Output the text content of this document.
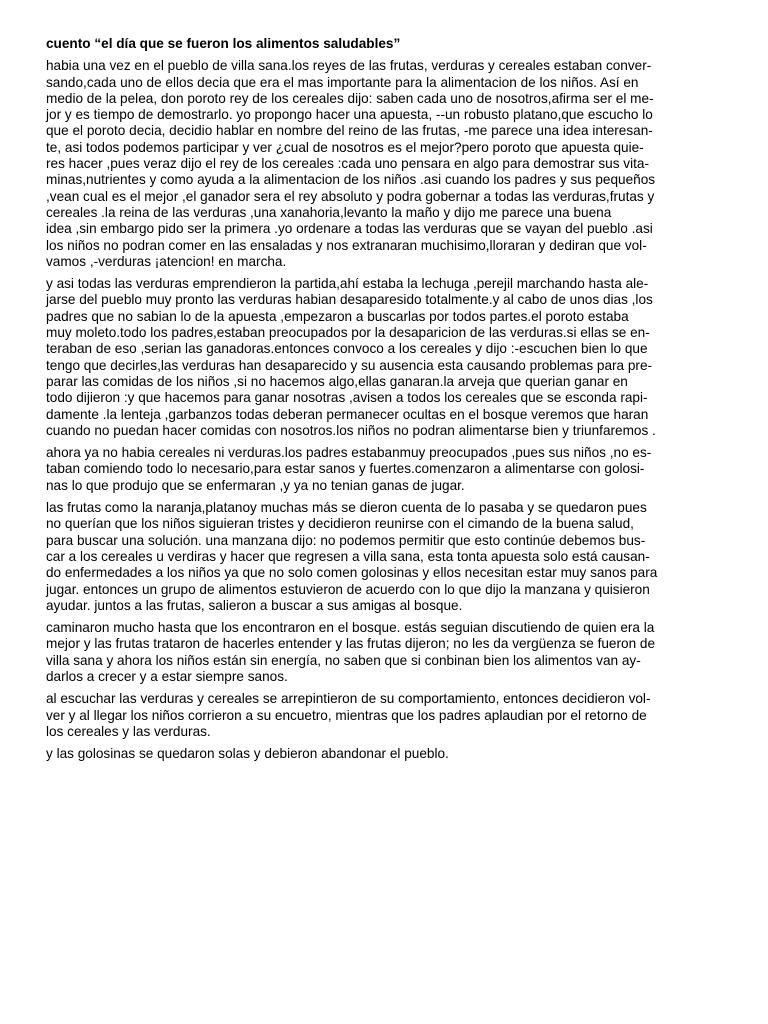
cuento “el día que se fueron los alimentos saludables”

habia una vez en el pueblo de villa sana.los reyes de las frutas, verduras y cereales estaban conver-
sando,cada uno de ellos decia que era el mas importante para la alimentacion de los niños. Así en
medio de la pelea, don poroto rey de los cereales dijo: saben cada uno de nosotros,afirma ser el me-
jor y es tiempo de demostrarlo. yo propongo hacer una apuesta, --un robusto platano,que escucho lo
que el poroto decia, decidio hablar en nombre del reino de las frutas, -me parece una idea interesan-
te, asi todos podemos participar y ver ¿cual de nosotros es el mejor?pero poroto que apuesta quie-
res hacer ,pues veraz dijo el rey de los cereales :cada uno pensara en algo para demostrar sus vita-
minas,nutrientes y como ayuda a la alimentacion de los niños .asi cuando los padres y sus pequeños
,vean cual es el mejor ,el ganador sera el rey absoluto y podra gobernar a todas las verduras,frutas y
cereales .la reina de las verduras ,una xanahoria,levanto la maño y dijo me parece una buena
idea ,sin embargo pido ser la primera .yo ordenare a todas las verduras que se vayan del pueblo .asi
los niños no podran comer en las ensaladas y nos extranaran muchisimo,lloraran y dediran que vol-
vamos ,-verduras ¡atencion! en marcha.

y asi todas las verduras emprendieron la partida,ahí estaba la lechuga ,perejil marchando hasta ale-
jarse del pueblo muy pronto las verduras habian desaparesido totalmente.y al cabo de unos dias ,los
padres que no sabian lo de la apuesta ,empezaron a buscarlas por todos partes.el poroto estaba
muy moleto.todo los padres,estaban preocupados por la desaparicion de las verduras.si ellas se en-
teraban de eso ,serian las ganadoras.entonces convoco a los cereales y dijo :-escuchen bien lo que
tengo que decirles,las verduras han desaparecido y su ausencia esta causando problemas para pre-
parar las comidas de los niños ,si no hacemos algo,ellas ganaran.la arveja que querian ganar en
todo dijieron :y que hacemos para ganar nosotras ,avisen a todos los cereales que se esconda rapi-
damente .la lenteja ,garbanzos todas deberan permanecer ocultas en el bosque veremos que haran
cuando no puedan hacer comidas con nosotros.los niños no podran alimentarse bien y triunfaremos .

ahora ya no habia cereales ni verduras.los padres estabanmuy preocupados ,pues sus niños ,no es-
taban comiendo todo lo necesario,para estar sanos y fuertes.comenzaron a alimentarse con golosi-
nas lo que produjo que se enfermaran ,y ya no tenian ganas de jugar.

las frutas como la naranja,platanoy muchas más se dieron cuenta de lo pasaba y se quedaron pues
no querían que los niños siguieran tristes y decidieron reunirse con el cimando de la buena salud,
para buscar una solución. una manzana dijo: no podemos permitir que esto continúe debemos bus-
car a los cereales u verdiras y hacer que regresen a villa sana, esta tonta apuesta solo está causan-
do enfermedades a los niños ya que no solo comen golosinas y ellos necesitan estar muy sanos para
jugar. entonces un grupo de alimentos estuvieron de acuerdo con lo que dijo la manzana y quisieron
ayudar. juntos a las frutas, salieron a buscar a sus amigas al bosque.

caminaron mucho hasta que los encontraron en el bosque. estás seguian discutiendo de quien era la
mejor y las frutas trataron de hacerles entender y las frutas dijeron; no les da vergüenza se fueron de
villa sana y ahora los niños están sin energía, no saben que si conbinan bien los alimentos van ay-
darlos a crecer y a estar siempre sanos.

al escuchar las verduras y cereales se arrepintieron de su comportamiento, entonces decidieron vol-
ver y al llegar los niños corrieron a su encuetro, mientras que los padres aplaudian por el retorno de
los cereales y las verduras.

y las golosinas se quedaron solas y debieron abandonar el pueblo.
